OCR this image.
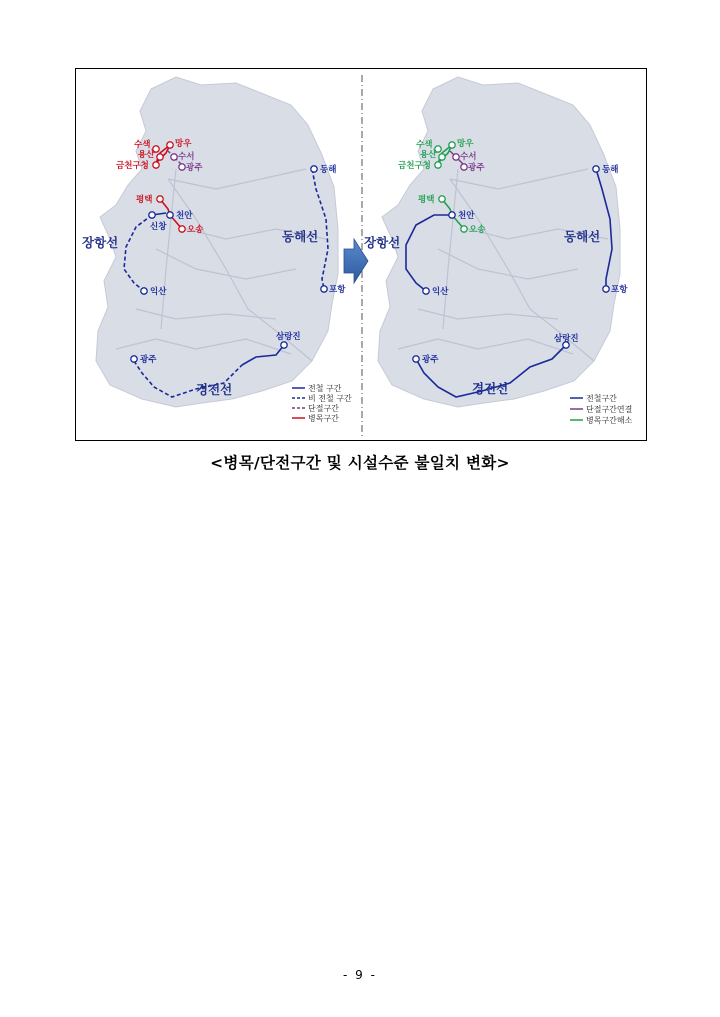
수색	망우
용산	수서
광주
금천구청	동해
평택
천안
신창 오송
익산	포항
광주
삼랑진
장항선	동해선
경전선	전철 구간
비 전철 구간
단절구간
병목구간
수색	망우
용산	수서
광주
금천구청	동해
평택
천안
오송
익산	포항
광주
삼랑진
장항선	동해선
경전선
전철구간
단절구간연결
병목구간해소
<병목/단전구간 및 시설수준 불일치 변화>
- 9 -
